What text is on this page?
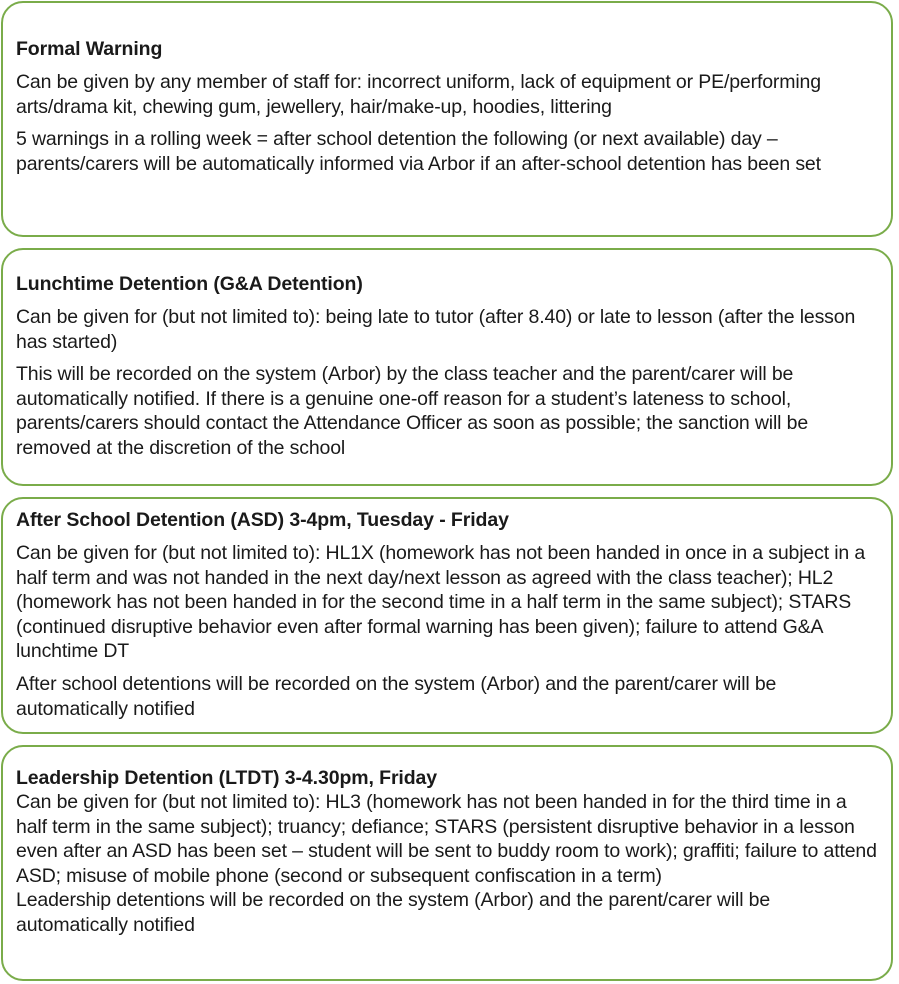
Formal Warning

Can be given by any member of staff for: incorrect uniform, lack of equipment or PE/performing arts/drama kit, chewing gum, jewellery, hair/make-up, hoodies, littering

5 warnings in a rolling week = after school detention the following (or next available) day – parents/carers will be automatically informed via Arbor if an after-school detention has been set

Lunchtime Detention (G&A Detention)

Can be given for (but not limited to): being late to tutor (after 8.40) or late to lesson (after the lesson has started)

This will be recorded on the system (Arbor) by the class teacher and the parent/carer will be automatically notified. If there is a genuine one-off reason for a student’s lateness to school, parents/carers should contact the Attendance Officer as soon as possible; the sanction will be removed at the discretion of the school

After School Detention (ASD) 3-4pm, Tuesday - Friday

Can be given for (but not limited to): HL1X (homework has not been handed in once in a subject in a half term and was not handed in the next day/next lesson as agreed with the class teacher); HL2 (homework has not been handed in for the second time in a half term in the same subject); STARS (continued disruptive behavior even after formal warning has been given); failure to attend G&A lunchtime DT

After school detentions will be recorded on the system (Arbor) and the parent/carer will be automatically notified

Leadership Detention (LTDT) 3-4.30pm, Friday

Can be given for (but not limited to): HL3 (homework has not been handed in for the third time in a half term in the same subject); truancy; defiance; STARS (persistent disruptive behavior in a lesson even after an ASD has been set – student will be sent to buddy room to work); graffiti; failure to attend ASD; misuse of mobile phone (second or subsequent confiscation in a term)

Leadership detentions will be recorded on the system (Arbor) and the parent/carer will be automatically notified
